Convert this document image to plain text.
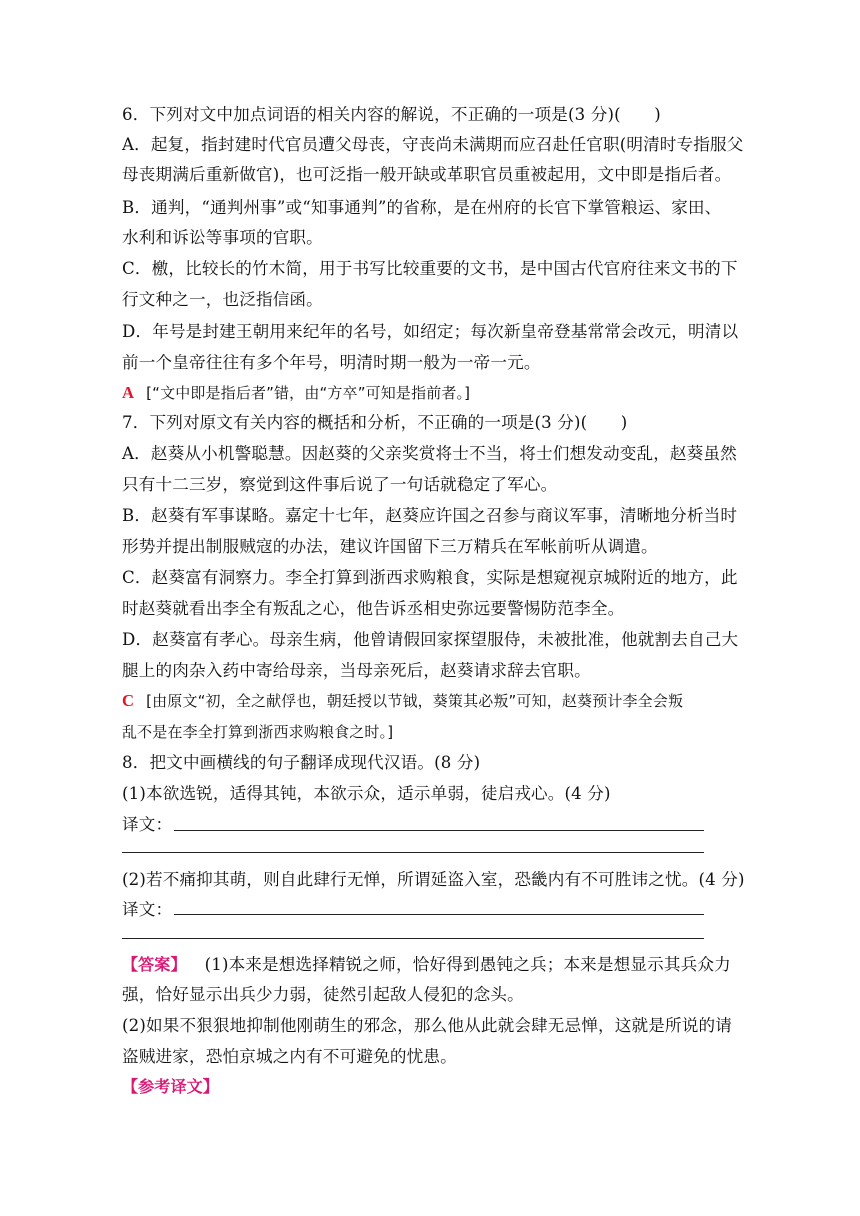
6．下列对文中加点词语的相关内容的解说，不正确的一项是(3 分)(　　)
A．起复，指封建时代官员遭父母丧，守丧尚未满期而应召赴任官职(明清时专指服父
母丧期满后重新做官)，也可泛指一般开缺或革职官员重被起用，文中即是指后者。
B．通判，“通判州事”或“知事通判”的省称，是在州府的长官下掌管粮运、家田、
水利和诉讼等事项的官职。
C．檄，比较长的竹木简，用于书写比较重要的文书，是中国古代官府往来文书的下
行文种之一，也泛指信函。
D．年号是封建王朝用来纪年的名号，如绍定；每次新皇帝登基常常会改元，明清以
前一个皇帝往往有多个年号，明清时期一般为一帝一元。
A [“文中即是指后者”错，由“方卒”可知是指前者。]
7．下列对原文有关内容的概括和分析，不正确的一项是(3 分)(　　)
A．赵葵从小机警聪慧。因赵葵的父亲奖赏将士不当，将士们想发动变乱，赵葵虽然
只有十二三岁，察觉到这件事后说了一句话就稳定了军心。
B．赵葵有军事谋略。嘉定十七年，赵葵应许国之召参与商议军事，清晰地分析当时
形势并提出制服贼寇的办法，建议许国留下三万精兵在军帐前听从调遣。
C．赵葵富有洞察力。李全打算到浙西求购粮食，实际是想窥视京城附近的地方，此
时赵葵就看出李全有叛乱之心，他告诉丞相史弥远要警惕防范李全。
D．赵葵富有孝心。母亲生病，他曾请假回家探望服侍，未被批准，他就割去自己大
腿上的肉杂入药中寄给母亲，当母亲死后，赵葵请求辞去官职。
C [由原文“初，全之献俘也，朝廷授以节钺，葵策其必叛”可知，赵葵预计李全会叛
乱不是在李全打算到浙西求购粮食之时。]
8．把文中画横线的句子翻译成现代汉语。(8 分)
(1)本欲选锐，适得其钝，本欲示众，适示单弱，徒启戎心。(4 分)
译文：
(2)若不痛抑其萌，则自此肆行无惮，所谓延盗入室，恐畿内有不可胜讳之忧。(4 分)
译文：
【答案】 (1)本来是想选择精锐之师，恰好得到愚钝之兵；本来是想显示其兵众力
强，恰好显示出兵少力弱，徒然引起敌人侵犯的念头。
(2)如果不狠狠地抑制他刚萌生的邪念，那么他从此就会肆无忌惮，这就是所说的请
盗贼进家，恐怕京城之内有不可避免的忧患。
【参考译文】
